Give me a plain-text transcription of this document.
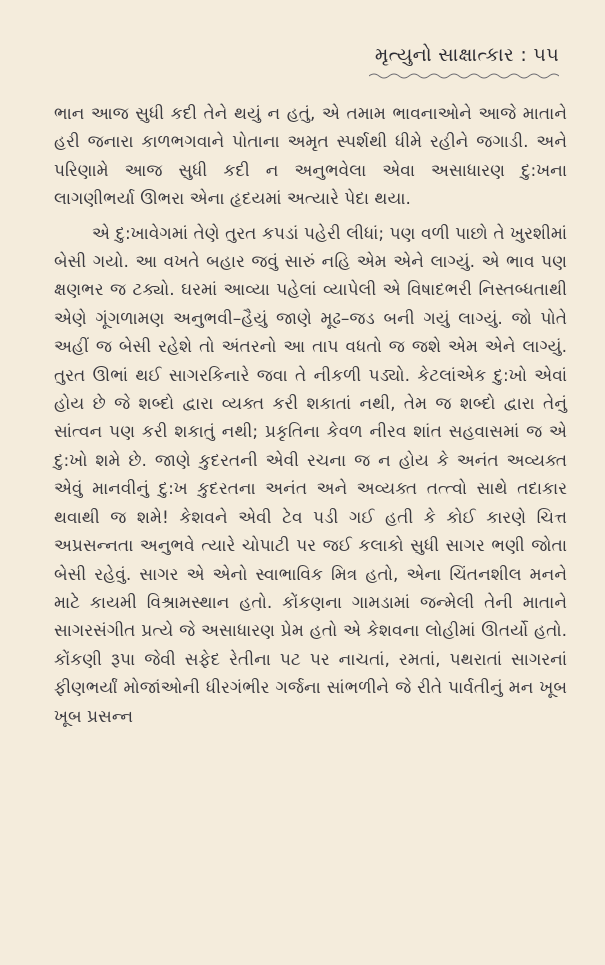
મૃત્યુનો સાક્ષાત્કાર : ૫૫

ભાન આજ સુધી કદી તેને થયું ન હતું, એ તમામ ભાવનાઓને આજે માતાને હરી જનારા કાળભગવાને પોતાના અમૃત સ્પર્શથી ધીમે રહીને જગાડી. અને પરિણામે આજ સુધી કદી ન અનુભવેલા એવા અસાધારણ દુ:ખના લાગણીભર્યા ઊભરા એના હૃદયમાં અત્યારે પેદા થયા.

એ દુ:ખાવેગમાં તેણે તુરત કપડાં પહેરી લીધાં; પણ વળી પાછો તે ખુરશીમાં બેસી ગયો. આ વખતે બહાર જવું સારું નહિ એમ એને લાગ્યું. એ ભાવ પણ ક્ષણભર જ ટક્યો. ઘરમાં આવ્યા પહેલાં વ્યાપેલી એ વિષાદભરી નિસ્તબ્ધતાથી એણે ગૂંગળામણ અનુભવી–હૈયું જાણે મૂઢ–જડ બની ગયું લાગ્યું. જો પોતે અહીં જ બેસી રહેશે તો અંતરનો આ તાપ વધતો જ જશે એમ એને લાગ્યું. તુરત ઊભાં થઈ સાગરકિનારે જવા તે નીકળી પડ્યો. કેટલાંએક દુ:ખો એવાં હોય છે જે શબ્દો દ્વારા વ્યક્ત કરી શકાતાં નથી, તેમ જ શબ્દો દ્વારા તેનું સાંત્વન પણ કરી શકાતું નથી; પ્રકૃતિના કેવળ નીરવ શાંત સહવાસમાં જ એ દુ:ખો શમે છે. જાણે કુદરતની એવી રચના જ ન હોય કે અનંત અવ્યક્ત એવું માનવીનું દુ:ખ કુદરતના અનંત અને અવ્યક્ત તત્ત્વો સાથે તદાકાર થવાથી જ શમે! કેશવને એવી ટેવ પડી ગઈ હતી કે કોઈ કારણે ચિત્ત અપ્રસન્નતા અનુભવે ત્યારે ચોપાટી પર જઈ કલાકો સુધી સાગર ભણી જોતા બેસી રહેવું. સાગર એ એનો સ્વાભાવિક મિત્ર હતો, એના ચિંતનશીલ મનને માટે કાયમી વિશ્રામસ્થાન હતો. કોંકણના ગામડામાં જન્મેલી તેની માતાને સાગરસંગીત પ્રત્યે જે અસાધારણ પ્રેમ હતો એ કેશવના લોહીમાં ઊતર્યો હતો. કોંકણી રૂપા જેવી સફેદ રેતીના પટ પર નાચતાં, રમતાં, પથરાતાં સાગરનાં ફીણભર્યાં મોજાંઓની ધીરગંભીર ગર્જના સાંભળીને જે રીતે પાર્વતીનું મન ખૂબ ખૂબ પ્રસન્ન
